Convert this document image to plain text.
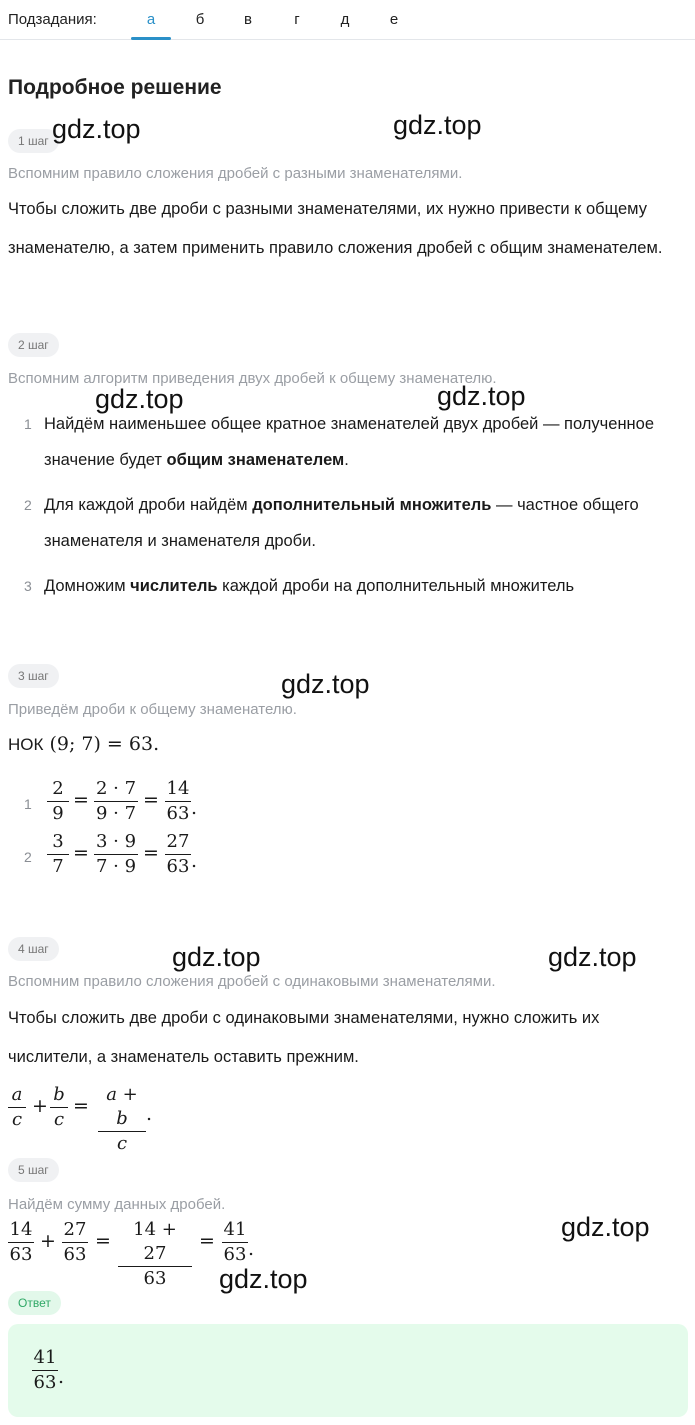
Подзадания:	а	б	в	г	д	е
Подробное решение
1 шаг
Вспомним правило сложения дробей с разными знаменателями.
Чтобы сложить две дроби с разными знаменателями, их нужно привести к общему знаменателю, а затем применить правило сложения дробей с общим знаменателем.
2 шаг
Вспомним алгоритм приведения двух дробей к общему знаменателю.
1 Найдём наименьшее общее кратное знаменателей двух дробей — полученное значение будет общим знаменателем.
2 Для каждой дроби найдём дополнительный множитель — частное общего знаменателя и знаменателя дроби.
3 Домножим числитель каждой дроби на дополнительный множитель
3 шаг
Приведём дроби к общему знаменателю.
НОК (9; 7) = 63.
$1 \frac{2}{9} = \frac{2 \cdot 7}{9 \cdot 7} = \frac{14}{63}$ .
$2 \frac{3}{7} = \frac{3 \cdot 9}{7 \cdot 9} = \frac{27}{63}$ .
4 шаг
Вспомним правило сложения дробей с одинаковыми знаменателями.
Чтобы сложить две дроби с одинаковыми знаменателями, нужно сложить их числители, а знаменатель оставить прежним.
$\frac{a}{c} + \frac{b}{c} = \frac{a + b}{c}$ .
5 шаг
Найдём сумму данных дробей.
$\frac{14}{63} + \frac{27}{63} = \frac{14 + 27}{63} = \frac{41}{63}$ .
Ответ
$\frac{41}{63}$ .
gdz.top	gdz.top
gdz.top	gdz.top
gdz.top
gdz.top	gdz.top
gdz.top
gdz.top
